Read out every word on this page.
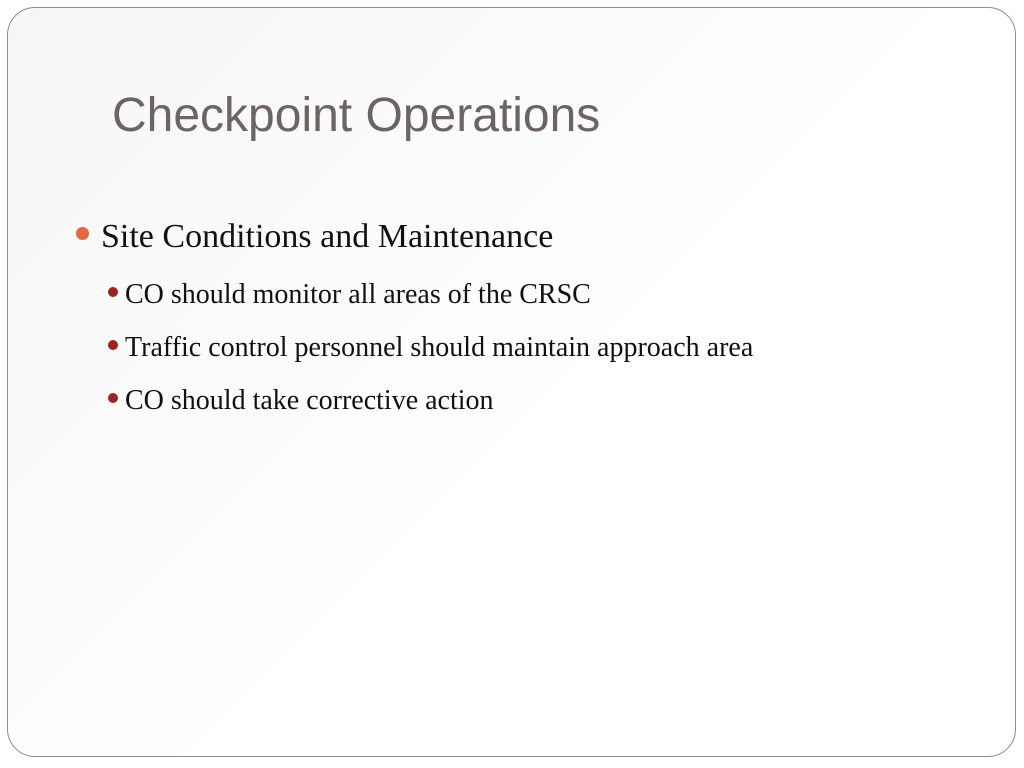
Checkpoint Operations
Site Conditions and Maintenance
CO should monitor all areas of the CRSC
Traffic control personnel should maintain approach area
CO should take corrective action
